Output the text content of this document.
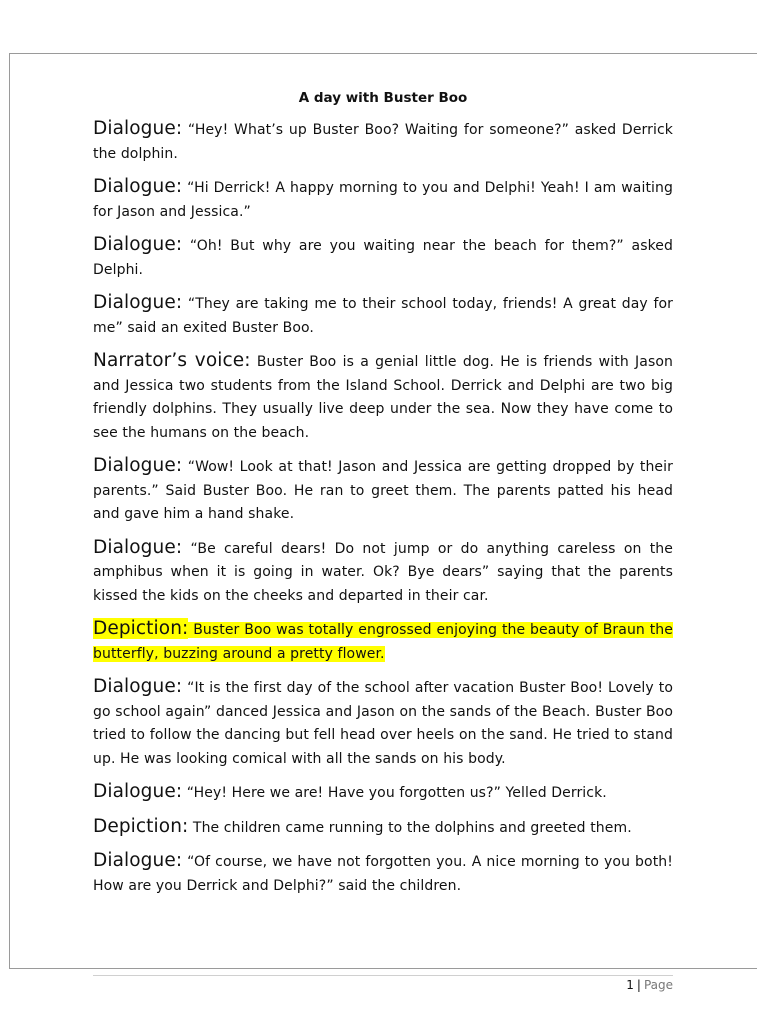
A day with Buster Boo

Dialogue: “Hey! What’s up Buster Boo? Waiting for someone?” asked Derrick the dolphin.

Dialogue: “Hi Derrick! A happy morning to you and Delphi! Yeah! I am waiting for Jason and Jessica.”

Dialogue: “Oh! But why are you waiting near the beach for them?” asked Delphi.

Dialogue: “They are taking me to their school today, friends! A great day for me” said an exited Buster Boo.

Narrator’s voice: Buster Boo is a genial little dog. He is friends with Jason and Jessica two students from the Island School. Derrick and Delphi are two big friendly dolphins. They usually live deep under the sea. Now they have come to see the humans on the beach.

Dialogue: “Wow! Look at that! Jason and Jessica are getting dropped by their parents.” Said Buster Boo. He ran to greet them. The parents patted his head and gave him a hand shake.

Dialogue: “Be careful dears! Do not jump or do anything careless on the amphibus when it is going in water. Ok? Bye dears” saying that the parents kissed the kids on the cheeks and departed in their car.

Depiction: Buster Boo was totally engrossed enjoying the beauty of Braun the butterfly, buzzing around a pretty flower.

Dialogue: “It is the first day of the school after vacation Buster Boo! Lovely to go school again” danced Jessica and Jason on the sands of the Beach. Buster Boo tried to follow the dancing but fell head over heels on the sand. He tried to stand up. He was looking comical with all the sands on his body.

Dialogue: “Hey! Here we are! Have you forgotten us?” Yelled Derrick.

Depiction: The children came running to the dolphins and greeted them.

Dialogue: “Of course, we have not forgotten you. A nice morning to you both! How are you Derrick and Delphi?” said the children.

1 | Page
